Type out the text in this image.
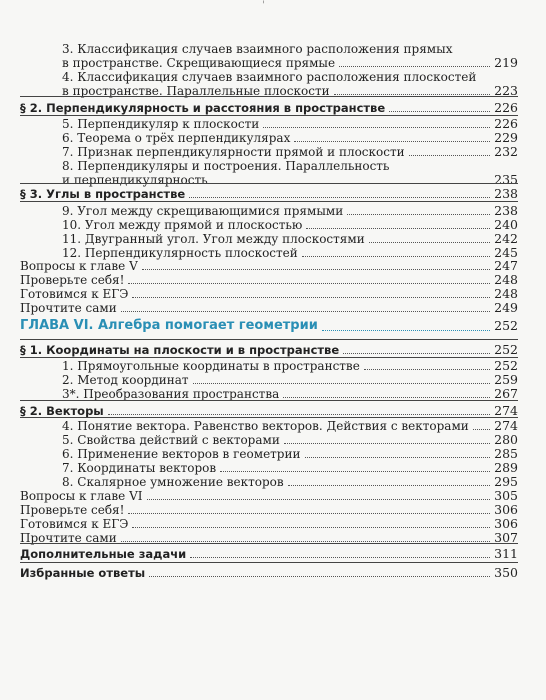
'
3. Классификация случаев взаимного расположения прямых
в пространстве. Скрещивающиеся прямые	219
4. Классификация случаев взаимного расположения плоскостей
в пространстве. Параллельные плоскости	223
§ 2. Перпендикулярность и расстояния в пространстве	226
5. Перпендикуляр к плоскости	226
6. Теорема о трёх перпендикулярах	229
7. Признак перпендикулярности прямой и плоскости	232
8. Перпендикуляры и построения. Параллельность
и перпендикулярность	235
§ 3. Углы в пространстве	238
9. Угол между скрещивающимися прямыми	238
10. Угол между прямой и плоскостью	240
11. Двугранный угол. Угол между плоскостями	242
12. Перпендикулярность плоскостей	245
Вопросы к главе V	247
Проверьте себя!	248
Готовимся к ЕГЭ	248
Прочтите сами	249
ГЛАВА VI. Алгебра помогает геометрии	252
§ 1. Координаты на плоскости и в пространстве	252
1. Прямоугольные координаты в пространстве	252
2. Метод координат	259
3*. Преобразования пространства	267
§ 2. Векторы	274
4. Понятие вектора. Равенство векторов. Действия с векторами 274
5. Свойства действий с векторами	280
6. Применение векторов в геометрии	285
7. Координаты векторов	289
8. Скалярное умножение векторов	295
Вопросы к главе VI	305
Проверьте себя!	306
Готовимся к ЕГЭ	306
Прочтите сами	307
Дополнительные задачи	311
Избранные ответы	350
